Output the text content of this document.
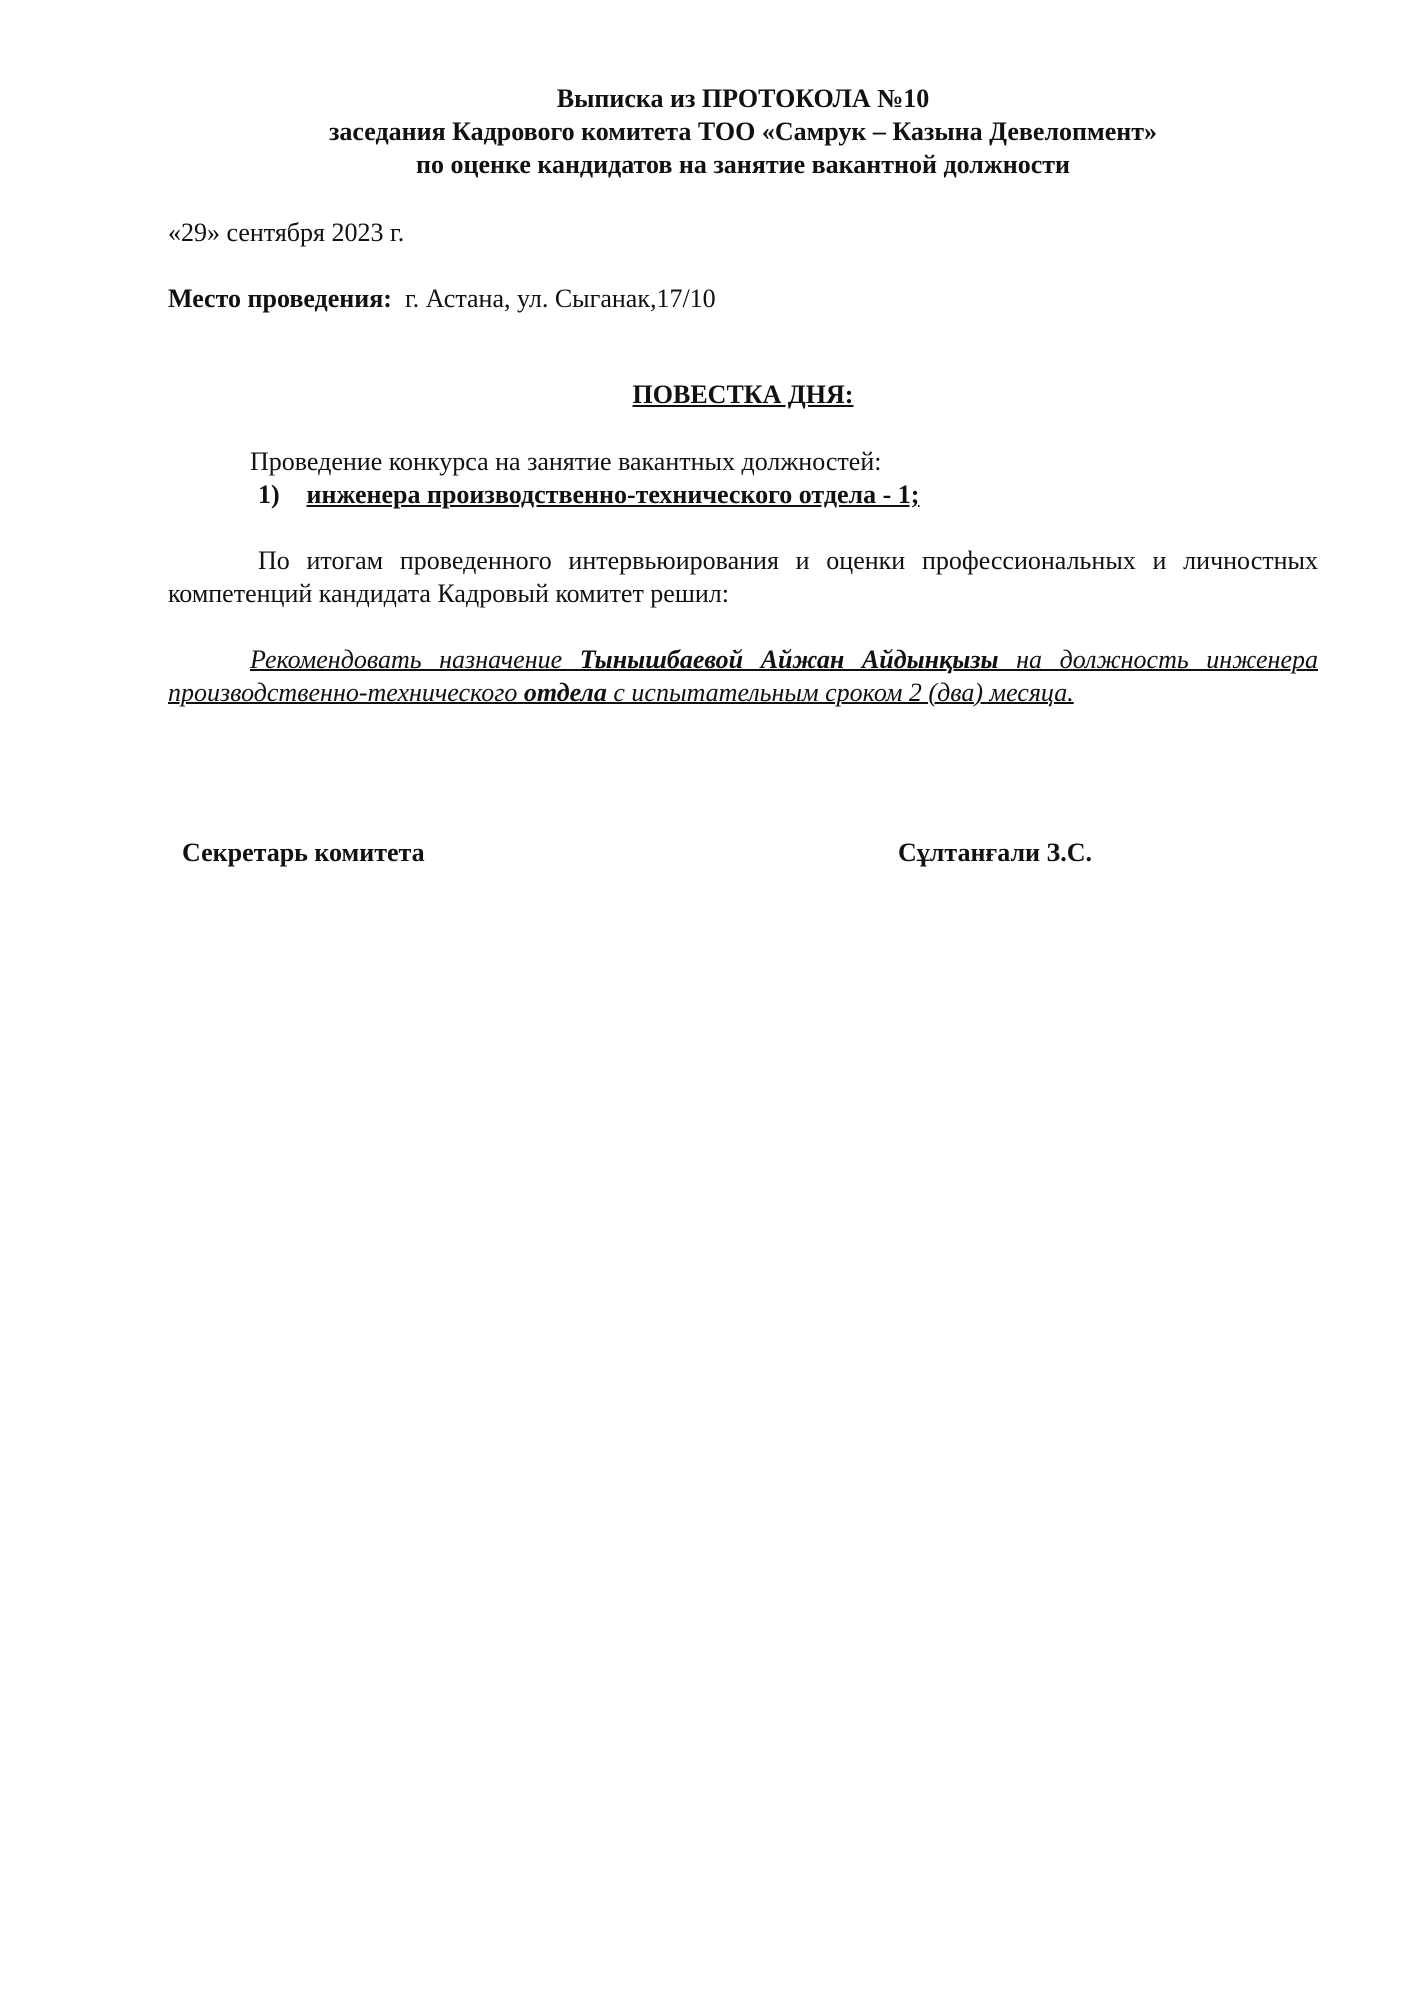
Выписка из ПРОТОКОЛА №10
заседания Кадрового комитета ТОО «Самрук – Казына Девелопмент»
по оценке кандидатов на занятие вакантной должности
«29» сентября 2023 г.
Место проведения: г. Астана, ул. Сыганак,17/10
ПОВЕСТКА ДНЯ:
Проведение конкурса на занятие вакантных должностей:
1) инженера производственно-технического отдела - 1;
По итогам проведенного интервьюирования и оценки профессиональных и личностных компетенций кандидата Кадровый комитет решил:
Рекомендовать назначение Тынышбаевой Айжан Айдынқызы на должность инженера производственно-технического отдела с испытательным сроком 2 (два) месяца.
Секретарь комитета	Сұлтанғали З.С.
